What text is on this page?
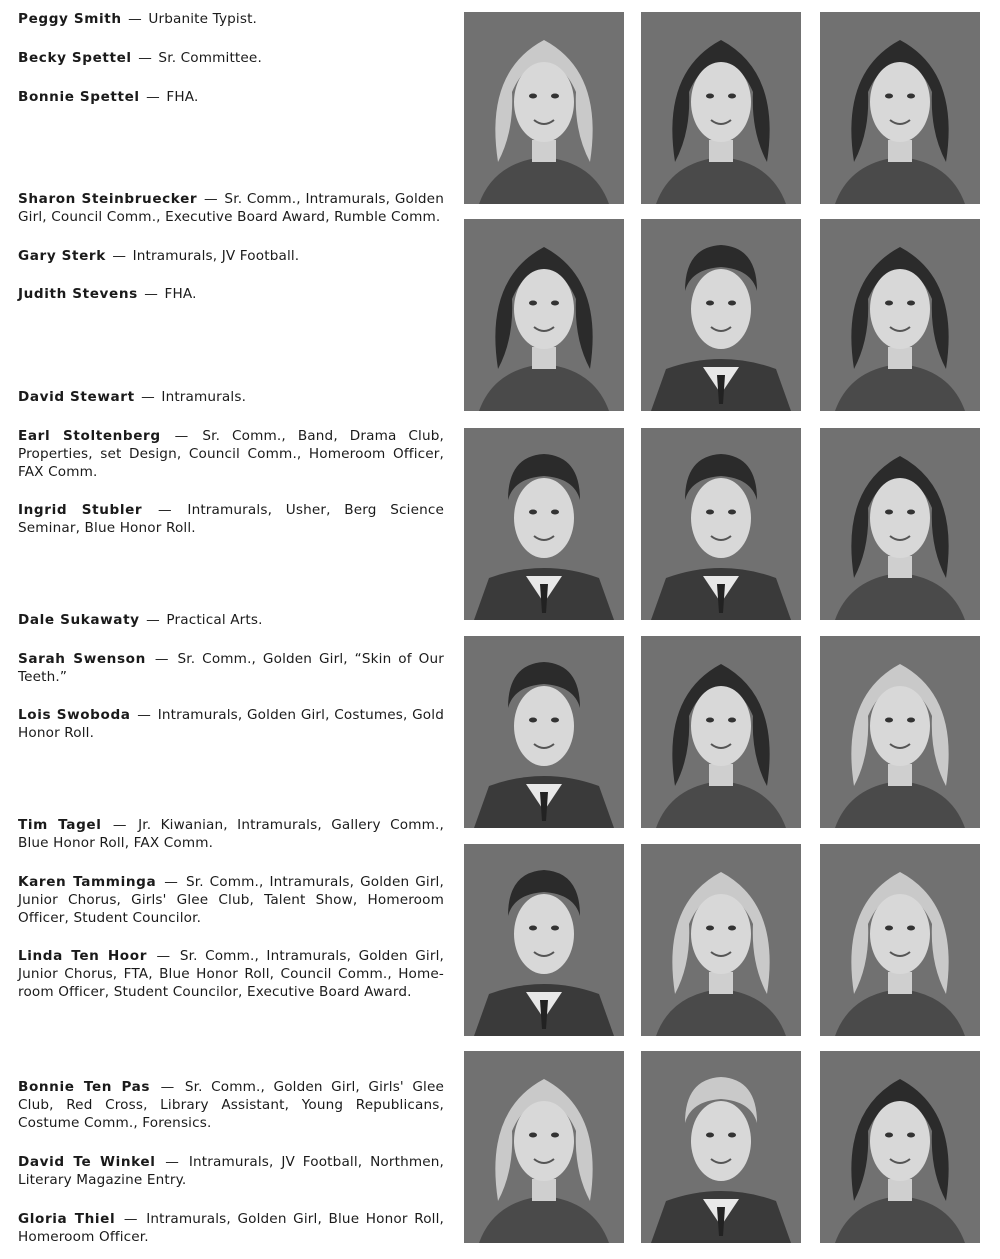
Peggy Smith — Urbanite Typist.
Becky Spettel — Sr. Committee.
Bonnie Spettel — FHA.
Sharon Steinbruecker — Sr. Comm., Intramurals, Golden Girl, Council Comm., Executive Board Award, Rumble Comm.
Gary Sterk — Intramurals, JV Football.
Judith Stevens — FHA.
David Stewart — Intramurals.
Earl Stoltenberg — Sr. Comm., Band, Drama Club, Properties, set Design, Council Comm., Homeroom Officer, FAX Comm.
Ingrid Stubler — Intramurals, Usher, Berg Science Seminar, Blue Honor Roll.
Dale Sukawaty — Practical Arts.
Sarah Swenson — Sr. Comm., Golden Girl, “Skin of Our Teeth.”
Lois Swoboda — Intramurals, Golden Girl, Costumes, Gold Honor Roll.
Tim Tagel — Jr. Kiwanian, Intramurals, Gallery Comm., Blue Honor Roll, FAX Comm.
Karen Tamminga — Sr. Comm., Intramurals, Golden Girl, Junior Chorus, Girls' Glee Club, Talent Show, Homeroom Officer, Student Councilor.
Linda Ten Hoor — Sr. Comm., Intramurals, Golden Girl, Junior Chorus, FTA, Blue Honor Roll, Council Comm., Home-room Officer, Student Councilor, Executive Board Award.
Bonnie Ten Pas — Sr. Comm., Golden Girl, Girls' Glee Club, Red Cross, Library Assistant, Young Republicans, Costume Comm., Forensics.
David Te Winkel — Intramurals, JV Football, Northmen, Literary Magazine Entry.
Gloria Thiel — Intramurals, Golden Girl, Blue Honor Roll, Homeroom Officer.
